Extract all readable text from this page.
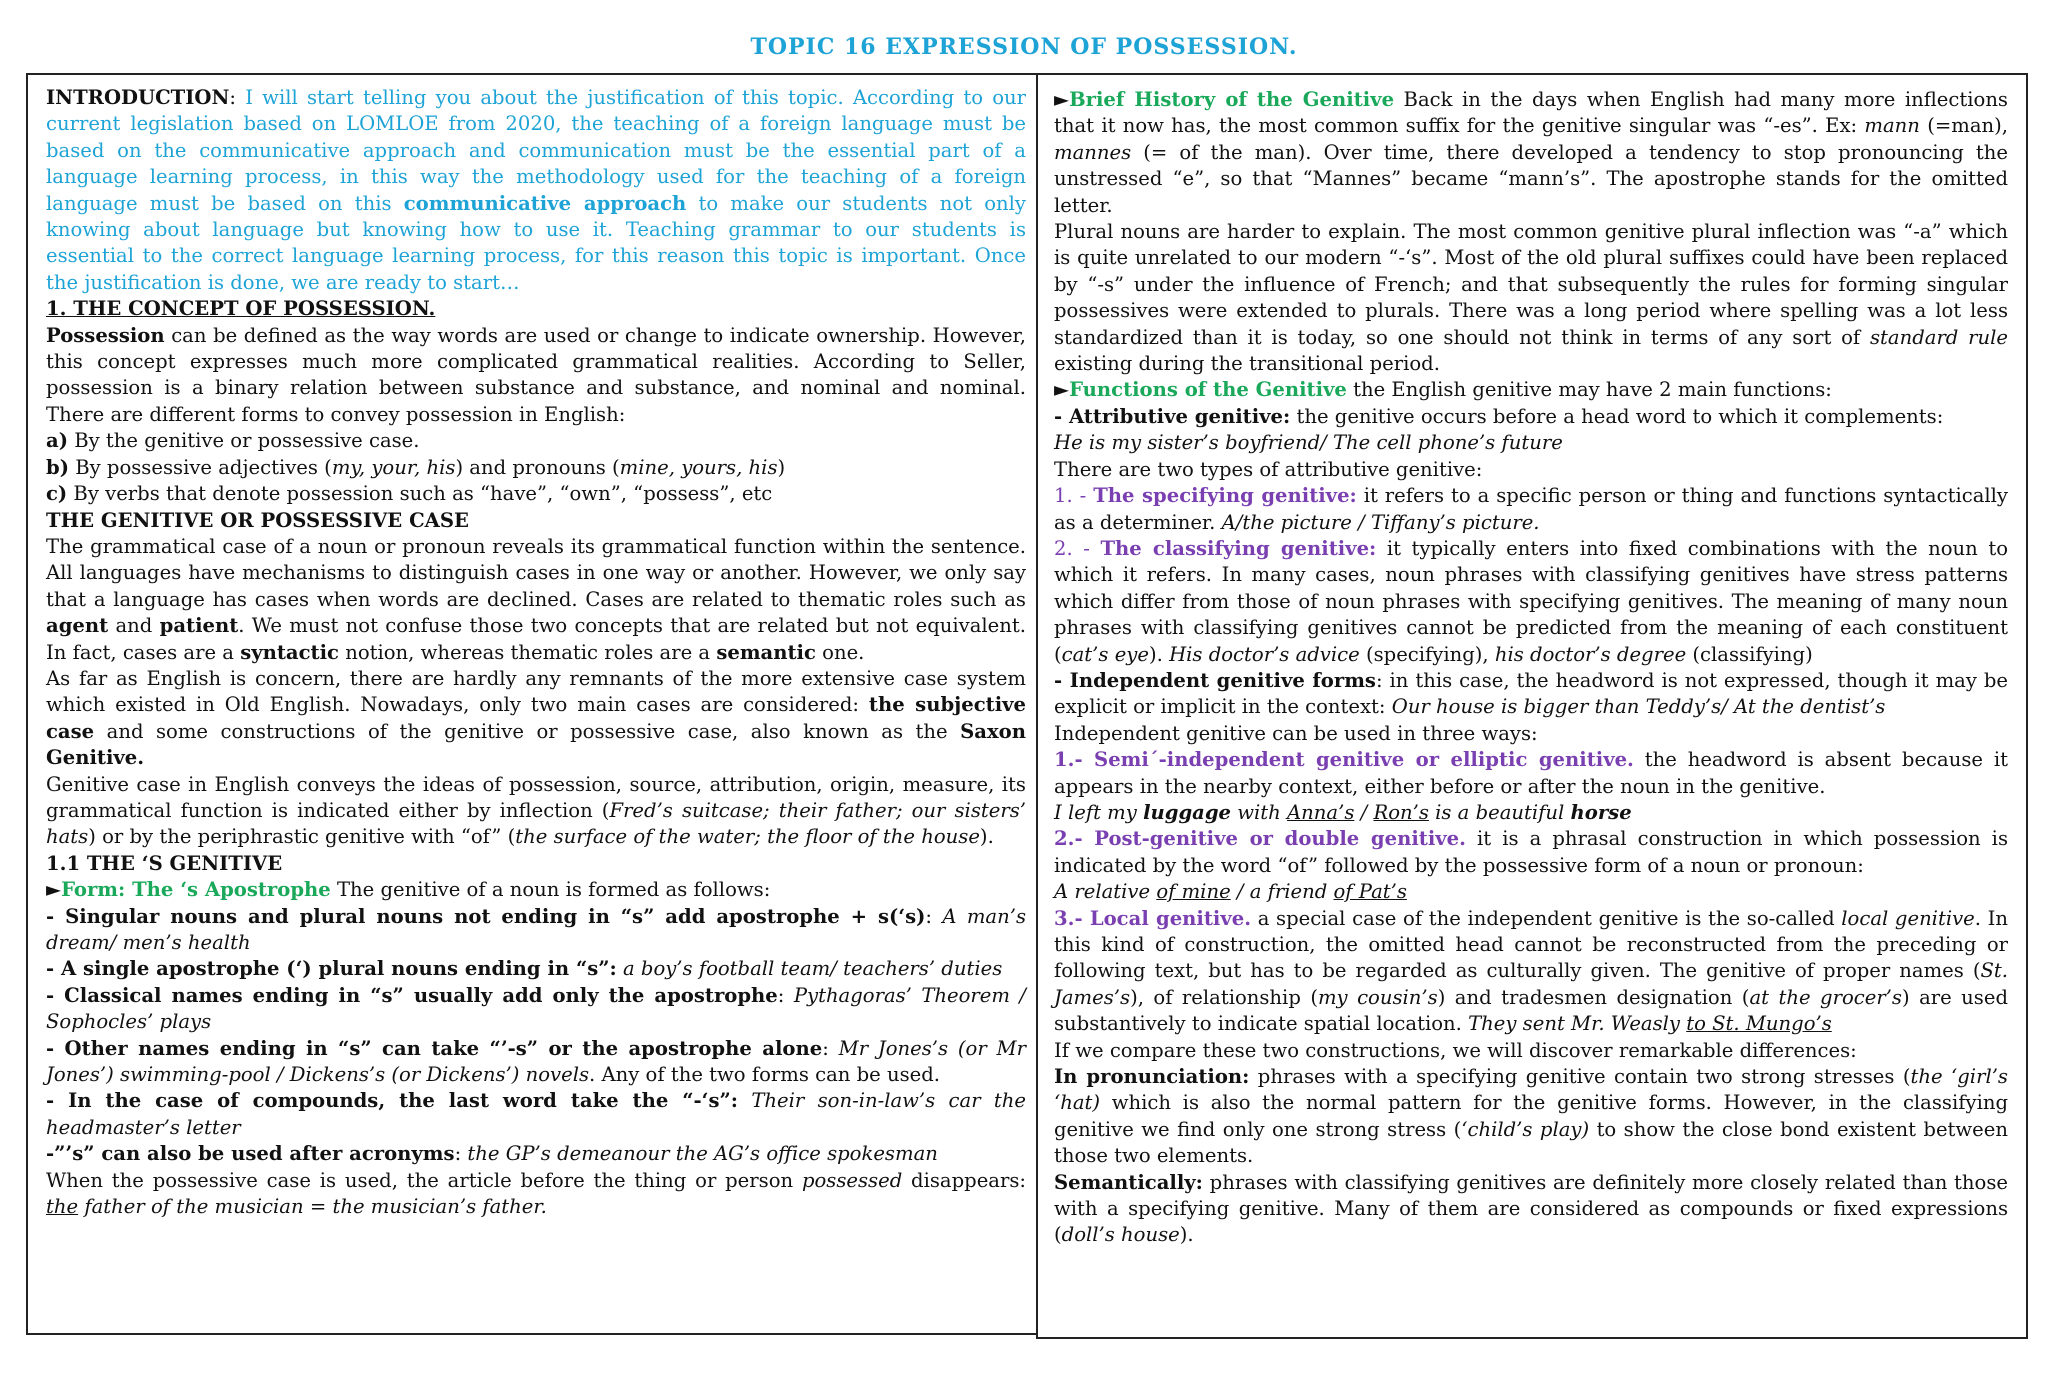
TOPIC 16 EXPRESSION OF POSSESSION.

INTRODUCTION: I will start telling you about the justification of this topic. According to our current legislation based on LOMLOE from 2020, the teaching of a foreign language must be based on the communicative approach and communication must be the essential part of a language learning process, in this way the methodology used for the teaching of a foreign language must be based on this communicative approach to make our students not only knowing about language but knowing how to use it. Teaching grammar to our students is essential to the correct language learning process, for this reason this topic is important. Once the justification is done, we are ready to start…

1. THE CONCEPT OF POSSESSION.

Possession can be defined as the way words are used or change to indicate ownership. However, this concept expresses much more complicated grammatical realities. According to Seller, possession is a binary relation between substance and substance, and nominal and nominal. There are different forms to convey possession in English:

a) By the genitive or possessive case.

b) By possessive adjectives (my, your, his) and pronouns (mine, yours, his)

c) By verbs that denote possession such as “have”, “own”, “possess”, etc

THE GENITIVE OR POSSESSIVE CASE

The grammatical case of a noun or pronoun reveals its grammatical function within the sentence. All languages have mechanisms to distinguish cases in one way or another. However, we only say that a language has cases when words are declined. Cases are related to thematic roles such as agent and patient. We must not confuse those two concepts that are related but not equivalent. In fact, cases are a syntactic notion, whereas thematic roles are a semantic one.

As far as English is concern, there are hardly any remnants of the more extensive case system which existed in Old English. Nowadays, only two main cases are considered: the subjective case and some constructions of the genitive or possessive case, also known as the Saxon Genitive.

Genitive case in English conveys the ideas of possession, source, attribution, origin, measure, its grammatical function is indicated either by inflection (Fred’s suitcase; their father; our sisters’ hats) or by the periphrastic genitive with “of” (the surface of the water; the floor of the house).

1.1 THE ‘S GENITIVE

►Form: The ‘s Apostrophe The genitive of a noun is formed as follows:

- Singular nouns and plural nouns not ending in “s” add apostrophe + s(‘s): A man’s dream/ men’s health

- A single apostrophe (‘) plural nouns ending in “s”: a boy’s football team/ teachers’ duties

- Classical names ending in “s” usually add only the apostrophe: Pythagoras’ Theorem / Sophocles’ plays

- Other names ending in “s” can take “’-s” or the apostrophe alone: Mr Jones’s (or Mr Jones’) swimming-pool / Dickens’s (or Dickens’) novels. Any of the two forms can be used.

- In the case of compounds, the last word take the “-‘s”: Their son-in-law’s car the headmaster’s letter

-”’s” can also be used after acronyms: the GP’s demeanour the AG’s office spokesman

When the possessive case is used, the article before the thing or person possessed disappears: the father of the musician = the musician’s father.

►Brief History of the Genitive Back in the days when English had many more inflections that it now has, the most common suffix for the genitive singular was “-es”. Ex: mann (=man), mannes (= of the man). Over time, there developed a tendency to stop pronouncing the unstressed “e”, so that “Mannes” became “mann’s”. The apostrophe stands for the omitted letter.

Plural nouns are harder to explain. The most common genitive plural inflection was “-a” which is quite unrelated to our modern “-‘s”. Most of the old plural suffixes could have been replaced by “-s” under the influence of French; and that subsequently the rules for forming singular possessives were extended to plurals. There was a long period where spelling was a lot less standardized than it is today, so one should not think in terms of any sort of standard rule existing during the transitional period.

►Functions of the Genitive the English genitive may have 2 main functions:

- Attributive genitive: the genitive occurs before a head word to which it complements:

He is my sister’s boyfriend/ The cell phone’s future

There are two types of attributive genitive:

1. - The specifying genitive: it refers to a specific person or thing and functions syntactically as a determiner. A/the picture / Tiffany’s picture.

2. - The classifying genitive: it typically enters into fixed combinations with the noun to which it refers. In many cases, noun phrases with classifying genitives have stress patterns which differ from those of noun phrases with specifying genitives. The meaning of many noun phrases with classifying genitives cannot be predicted from the meaning of each constituent (cat’s eye). His doctor’s advice (specifying), his doctor’s degree (classifying)

- Independent genitive forms: in this case, the headword is not expressed, though it may be explicit or implicit in the context: Our house is bigger than Teddy’s/ At the dentist’s

Independent genitive can be used in three ways:

1.- Semi´-independent genitive or elliptic genitive. the headword is absent because it appears in the nearby context, either before or after the noun in the genitive.

I left my luggage with Anna’s / Ron’s is a beautiful horse

2.- Post-genitive or double genitive. it is a phrasal construction in which possession is indicated by the word “of” followed by the possessive form of a noun or pronoun:

A relative of mine / a friend of Pat’s

3.- Local genitive. a special case of the independent genitive is the so-called local genitive. In this kind of construction, the omitted head cannot be reconstructed from the preceding or following text, but has to be regarded as culturally given. The genitive of proper names (St. James’s), of relationship (my cousin’s) and tradesmen designation (at the grocer’s) are used substantively to indicate spatial location. They sent Mr. Weasly to St. Mungo’s

If we compare these two constructions, we will discover remarkable differences:

In pronunciation: phrases with a specifying genitive contain two strong stresses (the ‘girl’s ‘hat) which is also the normal pattern for the genitive forms. However, in the classifying genitive we find only one strong stress (‘child’s play) to show the close bond existent between those two elements.

Semantically: phrases with classifying genitives are definitely more closely related than those with a specifying genitive. Many of them are considered as compounds or fixed expressions (doll’s house).
